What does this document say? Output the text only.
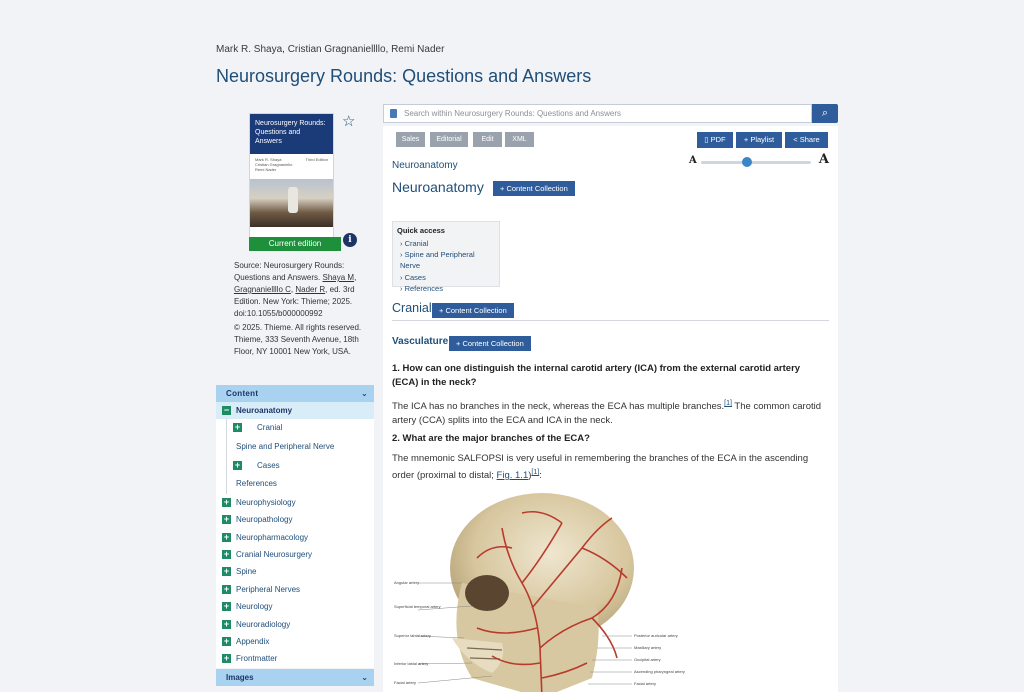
Mark R. Shaya, Cristian Gragnaniellllo, Remi Nader
Neurosurgery Rounds: Questions and Answers
Neurosurgery Rounds:
Questions and Answers
Mark R. Shaya
Cristian Gragnaniello
Remi Nader
Third Edition
Current edition
☆
i
Source: Neurosurgery Rounds: Questions and Answers. Shaya M, Gragnaniellllo C, Nader R, ed. 3rd Edition. New York: Thieme; 2025. doi:10.1055/b000000992
© 2025. Thieme. All rights reserved. Thieme, 333 Seventh Avenue, 18th Floor, NY 10001 New York, USA.
Content	⌄
− Neuroanatomy
+ Cranial
Spine and Peripheral Nerve
+ Cases
References
+ Neurophysiology
+ Neuropathology
+ Neuropharmacology
+ Cranial Neurosurgery
+ Spine
+ Peripheral Nerves
+ Neurology
+ Neuroradiology
+ Appendix
+ Frontmatter
Images	⌄
Search within Neurosurgery Rounds: Questions and Answers	⌕
Sales	Editorial	Edit	XML	▯ PDF	+ Playlist	< Share
A	A
Neuroanatomy
Neuroanatomy	+ Content Collection
Quick access
› Cranial
› Spine and Peripheral Nerve
› Cases
› References
Cranial + Content Collection
Vasculature	+ Content Collection
1. How can one distinguish the internal carotid artery (ICA) from the external carotid artery (ECA) in the neck?
The ICA has no branches in the neck, whereas the ECA has multiple branches.[1] The common carotid artery (CCA) splits into the ECA and ICA in the neck.
2. What are the major branches of the ECA?
The mnemonic SALFOPSI is very useful in remembering the branches of the ECA in the ascending order (proximal to distal; Fig. 1.1)[1]:
Angular artery
Superficial temporal artery
Superior labial artery
Inferior labial artery
Facial artery
Posterior auricular artery
Maxillary artery
Occipital artery
Ascending pharyngeal artery
Facial artery
